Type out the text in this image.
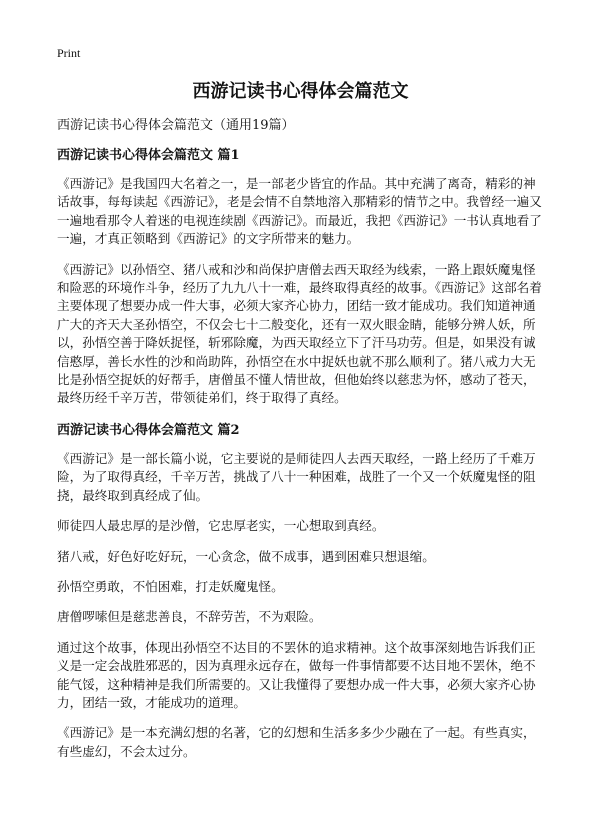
Print
西游记读书心得体会篇范文
西游记读书心得体会篇范文（通用19篇）
西游记读书心得体会篇范文 篇1

《西游记》是我国四大名着之一，是一部老少皆宜的作品。其中充满了离奇，精彩的神话故事，每每读起《西游记》，老是会情不自禁地溶入那精彩的情节之中。我曾经一遍又一遍地看那令人着迷的电视连续剧《西游记》。而最近，我把《西游记》一书认真地看了一遍，才真正领略到《西游记》的文字所带来的魅力。

《西游记》以孙悟空、猪八戒和沙和尚保护唐僧去西天取经为线索，一路上跟妖魔鬼怪和险恶的环境作斗争，经历了九九八十一难，最终取得真经的故事。《西游记》这部名着主要体现了想要办成一件大事，必须大家齐心协力，团结一致才能成功。我们知道神通广大的齐天大圣孙悟空，不仅会七十二般变化，还有一双火眼金睛，能够分辨人妖，所以，孙悟空善于降妖捉怪，斩邪除魔，为西天取经立下了汗马功劳。但是，如果没有诚信憨厚，善长水性的沙和尚助阵，孙悟空在水中捉妖也就不那么顺利了。猪八戒力大无比是孙悟空捉妖的好帮手，唐僧虽不懂人情世故，但他始终以慈悲为怀，感动了苍天，最终历经千辛万苦，带领徒弟们，终于取得了真经。

西游记读书心得体会篇范文 篇2

《西游记》是一部长篇小说，它主要说的是师徒四人去西天取经，一路上经历了千难万险，为了取得真经，千辛万苦，挑战了八十一种困难，战胜了一个又一个妖魔鬼怪的阻挠，最终取到真经成了仙。

师徒四人最忠厚的是沙僧，它忠厚老实，一心想取到真经。

猪八戒，好色好吃好玩，一心贪念，做不成事，遇到困难只想退缩。

孙悟空勇敢，不怕困难，打走妖魔鬼怪。

唐僧啰嗦但是慈悲善良，不辞劳苦，不为艰险。

通过这个故事，体现出孙悟空不达目的不罢休的追求精神。这个故事深刻地告诉我们正义是一定会战胜邪恶的，因为真理永远存在，做每一件事情都要不达目地不罢休，绝不能气馁，这种精神是我们所需要的。又让我懂得了要想办成一件大事，必须大家齐心协力，团结一致，才能成功的道理。

《西游记》是一本充满幻想的名著，它的幻想和生活多多少少融在了一起。有些真实，有些虚幻，不会太过分。
